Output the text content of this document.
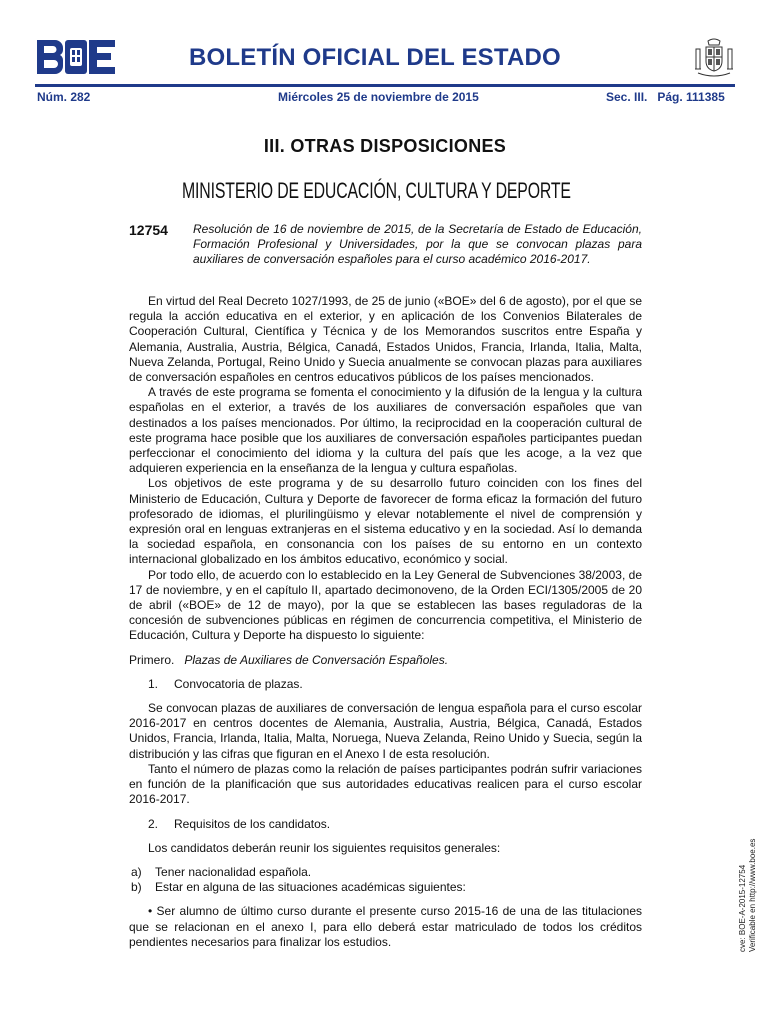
BOLETÍN OFICIAL DEL ESTADO
Núm. 282	Miércoles 25 de noviembre de 2015	Sec. III.   Pág. 111385
III. OTRAS DISPOSICIONES
MINISTERIO DE EDUCACIÓN, CULTURA Y DEPORTE
12754 Resolución de 16 de noviembre de 2015, de la Secretaría de Estado de Educación, Formación Profesional y Universidades, por la que se convocan plazas para auxiliares de conversación españoles para el curso académico 2016-2017.

En virtud del Real Decreto 1027/1993, de 25 de junio («BOE» del 6 de agosto), por el que se regula la acción educativa en el exterior, y en aplicación de los Convenios Bilaterales de Cooperación Cultural, Científica y Técnica y de los Memorandos suscritos entre España y Alemania, Australia, Austria, Bélgica, Canadá, Estados Unidos, Francia, Irlanda, Italia, Malta, Nueva Zelanda, Portugal, Reino Unido y Suecia anualmente se convocan plazas para auxiliares de conversación españoles en centros educativos públicos de los países mencionados.

A través de este programa se fomenta el conocimiento y la difusión de la lengua y la cultura españolas en el exterior, a través de los auxiliares de conversación españoles que van destinados a los países mencionados. Por último, la reciprocidad en la cooperación cultural de este programa hace posible que los auxiliares de conversación españoles participantes puedan perfeccionar el conocimiento del idioma y la cultura del país que les acoge, a la vez que adquieren experiencia en la enseñanza de la lengua y cultura españolas.

Los objetivos de este programa y de su desarrollo futuro coinciden con los fines del Ministerio de Educación, Cultura y Deporte de favorecer de forma eficaz la formación del futuro profesorado de idiomas, el plurilingüismo y elevar notablemente el nivel de comprensión y expresión oral en lenguas extranjeras en el sistema educativo y en la sociedad. Así lo demanda la sociedad española, en consonancia con los países de su entorno en un contexto internacional globalizado en los ámbitos educativo, económico y social.

Por todo ello, de acuerdo con lo establecido en la Ley General de Subvenciones 38/2003, de 17 de noviembre, y en el capítulo II, apartado decimonoveno, de la Orden ECI/1305/2005 de 20 de abril («BOE» de 12 de mayo), por la que se establecen las bases reguladoras de la concesión de subvenciones públicas en régimen de concurrencia competitiva, el Ministerio de Educación, Cultura y Deporte ha dispuesto lo siguiente:

Primero. Plazas de Auxiliares de Conversación Españoles.

1. Convocatoria de plazas.

Se convocan plazas de auxiliares de conversación de lengua española para el curso escolar 2016-2017 en centros docentes de Alemania, Australia, Austria, Bélgica, Canadá, Estados Unidos, Francia, Irlanda, Italia, Malta, Noruega, Nueva Zelanda, Reino Unido y Suecia, según la distribución y las cifras que figuran en el Anexo I de esta resolución.

Tanto el número de plazas como la relación de países participantes podrán sufrir variaciones en función de la planificación que sus autoridades educativas realicen para el curso escolar 2016-2017.

2. Requisitos de los candidatos.

Los candidatos deberán reunir los siguientes requisitos generales:

a) Tener nacionalidad española.

b) Estar en alguna de las situaciones académicas siguientes:

• Ser alumno de último curso durante el presente curso 2015-16 de una de las titulaciones que se relacionan en el anexo I, para ello deberá estar matriculado de todos los créditos pendientes necesarios para finalizar los estudios.	cve: BOE-A-2015-12754 Verificable en http://www.boe.es
